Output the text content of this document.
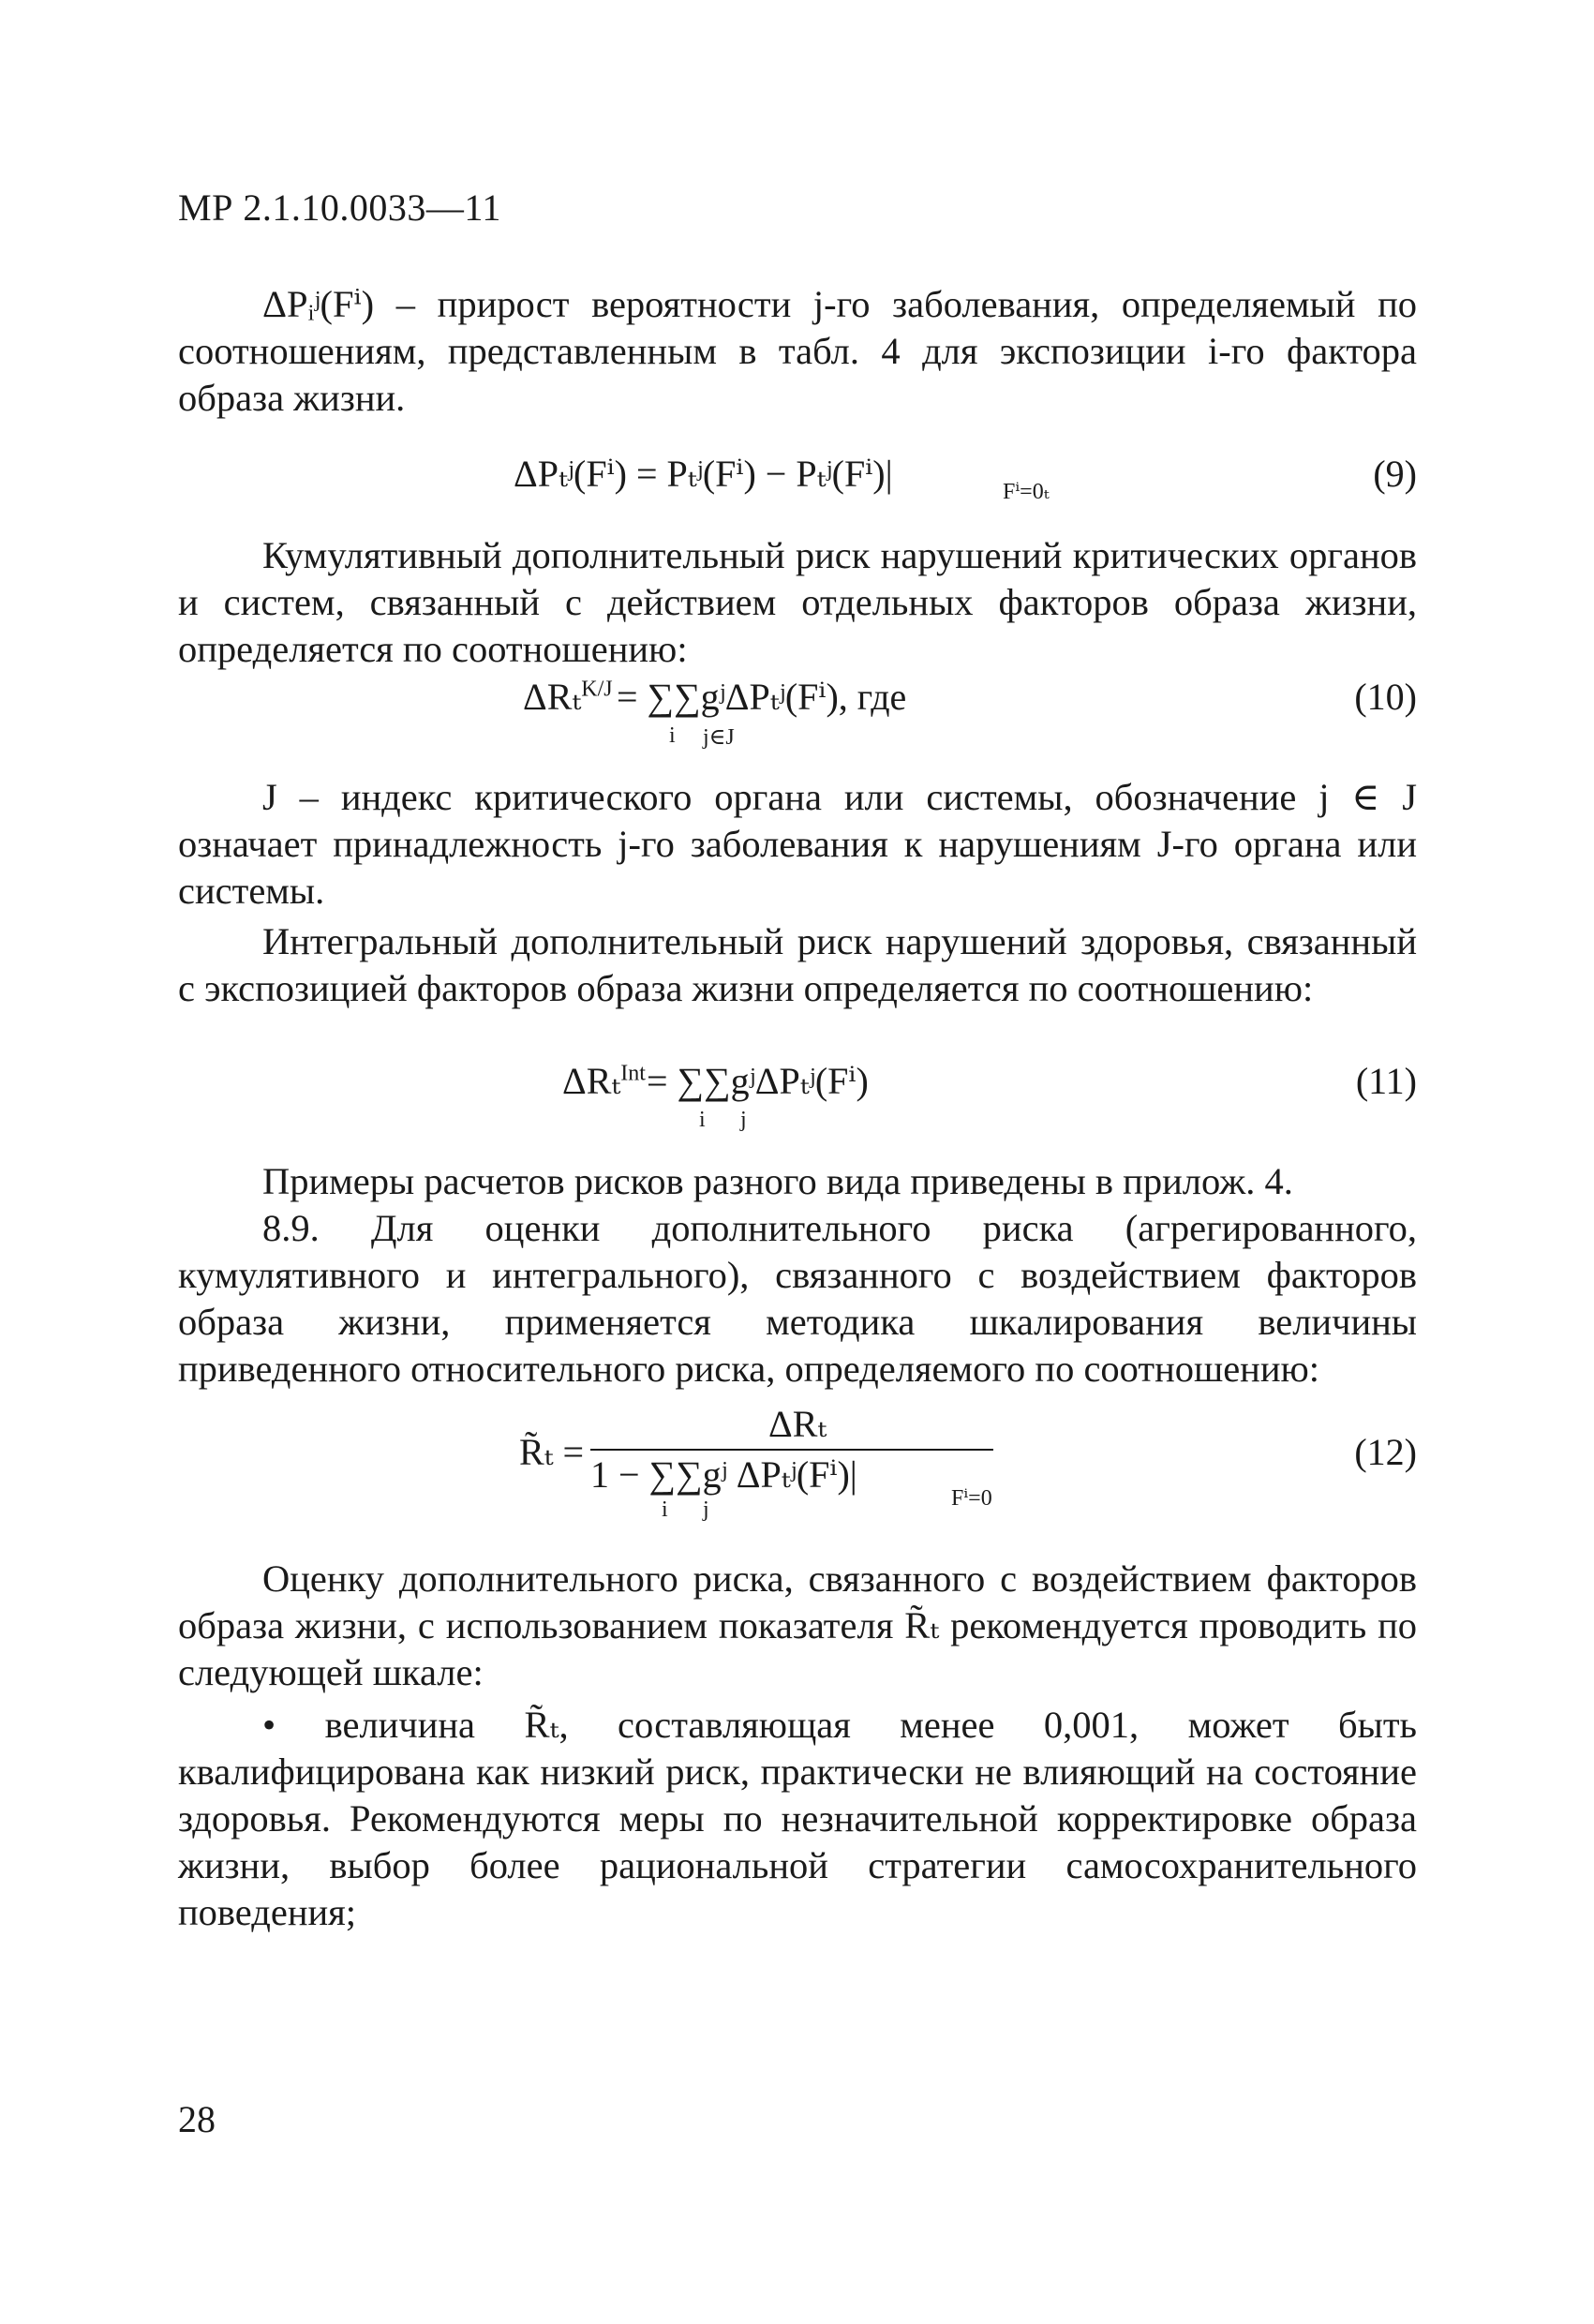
МР 2.1.10.0033—11

ΔPᵢʲ(Fⁱ) – прирост вероятности j-го заболевания, определяемый по соотношениям, представленным в табл. 4 для экспозиции i-го фактора образа жизни.

ΔPₜʲ(Fⁱ) = Pₜʲ(Fⁱ) − Pₜʲ(Fⁱ)|	Fⁱ=0ₜ	(9)

Кумулятивный дополнительный риск нарушений критических органов и систем, связанный с действием отдельных факторов образа жизни, определяется по соотношению:

ΔRₜ$^{K/J}$ = ∑∑gʲΔPₜʲ(Fⁱ), где
i j∈J
(10)

J – индекс критического органа или системы, обозначение j ∈ J означает принадлежность j-го заболевания к нарушениям J-го органа или системы.

Интегральный дополнительный риск нарушений здоровья, связанный с экспозицией факторов образа жизни определяется по соотношению:

ΔRₜ$^{Int}$ = ∑∑gʲΔPₜʲ(Fⁱ)
i j
(11)

Примеры расчетов рисков разного вида приведены в прилож. 4.

8.9. Для оценки дополнительного риска (агрегированного, кумулятивного и интегрального), связанного с воздействием факторов образа жизни, применяется методика шкалирования величины приведенного относительного риска, определяемого по соотношению:

R̃ₜ =
ΔRₜ
1 − ∑∑gʲ ΔPₜʲ(Fⁱ)|
Fⁱ=0
i j
(12)

Оценку дополнительного риска, связанного с воздействием факторов образа жизни, с использованием показателя R̃ₜ рекомендуется проводить по следующей шкале:

• величина R̃ₜ, составляющая менее 0,001, может быть квалифицирована как низкий риск, практически не влияющий на состояние здоровья. Рекомендуются меры по незначительной корректировке образа жизни, выбор более рациональной стратегии самосохранительного поведения;

28
